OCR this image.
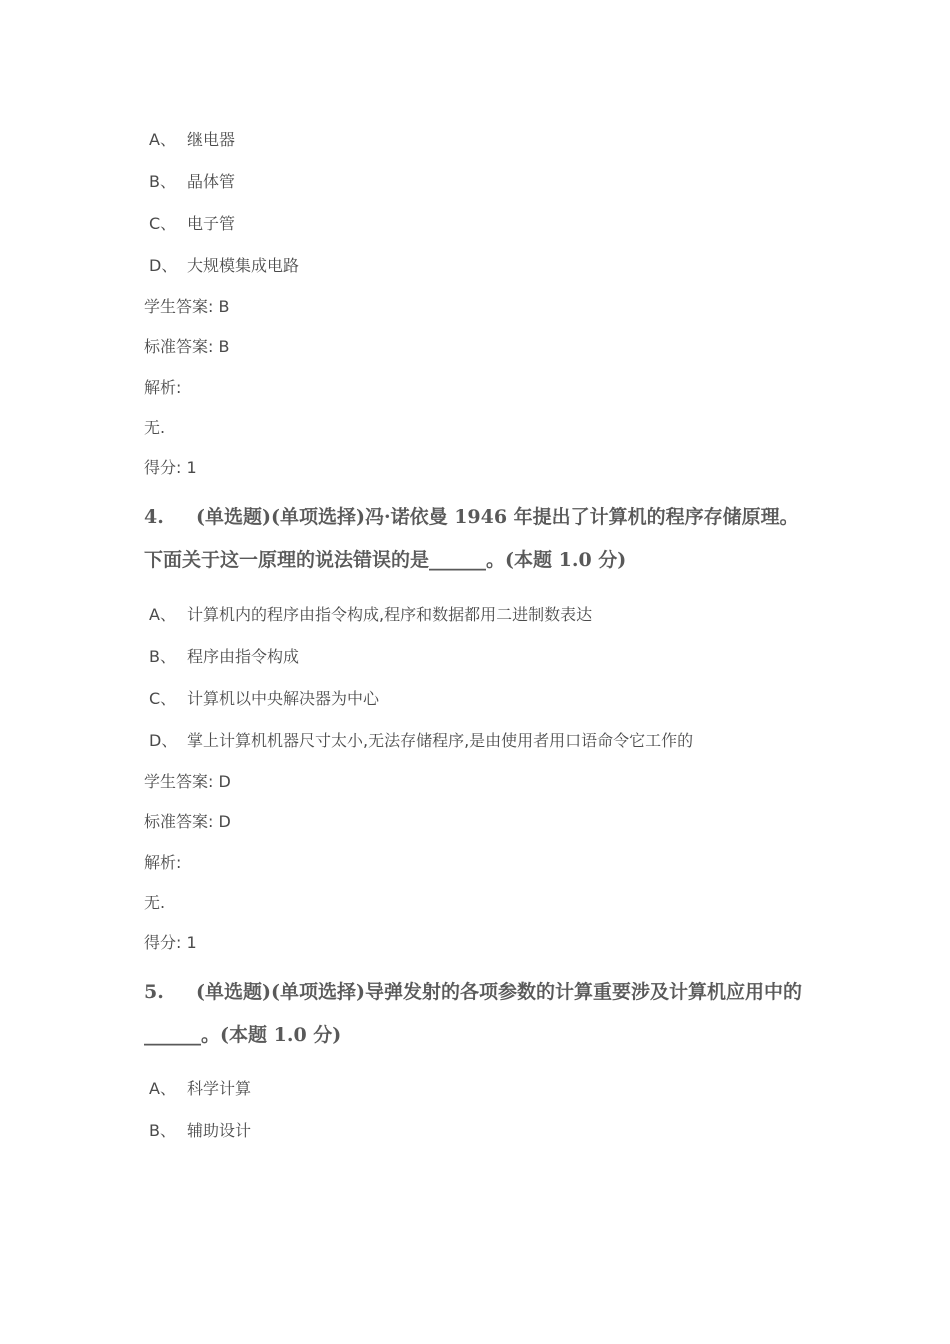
A、 继电器
B、 晶体管
C、 电子管
D、 大规模集成电路
学生答案: B
标准答案: B
解析:
无.
得分: 1
4. (单选题)(单项选择)冯·诺依曼 1946 年提出了计算机的程序存储原理。下面关于这一原理的说法错误的是______。(本题 1.0 分)
A、 计算机内的程序由指令构成,程序和数据都用二进制数表达
B、 程序由指令构成
C、 计算机以中央解决器为中心
D、 掌上计算机机器尺寸太小,无法存储程序,是由使用者用口语命令它工作的
学生答案: D
标准答案: D
解析:
无.
得分: 1
5. (单选题)(单项选择)导弹发射的各项参数的计算重要涉及计算机应用中的______。(本题 1.0 分)
A、 科学计算
B、 辅助设计
